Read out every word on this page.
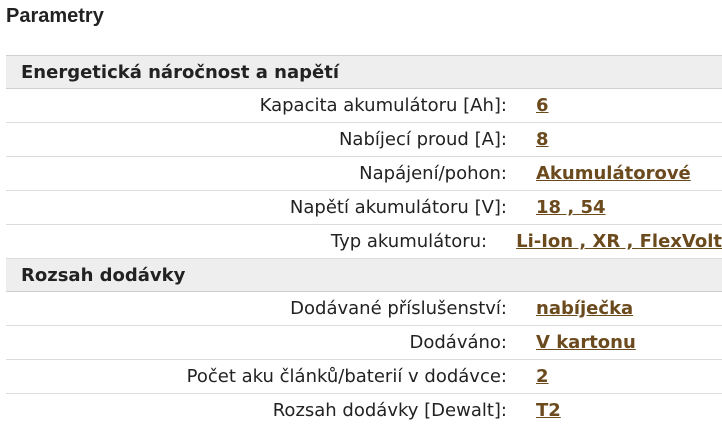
Parametry
Energetická náročnost a napětí
Kapacita akumulátoru [Ah]:	6
Nabíjecí proud [A]:	8
Napájení/pohon:	Akumulátorové
Napětí akumulátoru [V]:	18 , 54
Typ akumulátoru:	Li-Ion , XR , FlexVolt
Rozsah dodávky
Dodávané příslušenství:	nabíječka
Dodáváno:	V kartonu
Počet aku článků/baterií v dodávce:	2
Rozsah dodávky [Dewalt]:	T2
